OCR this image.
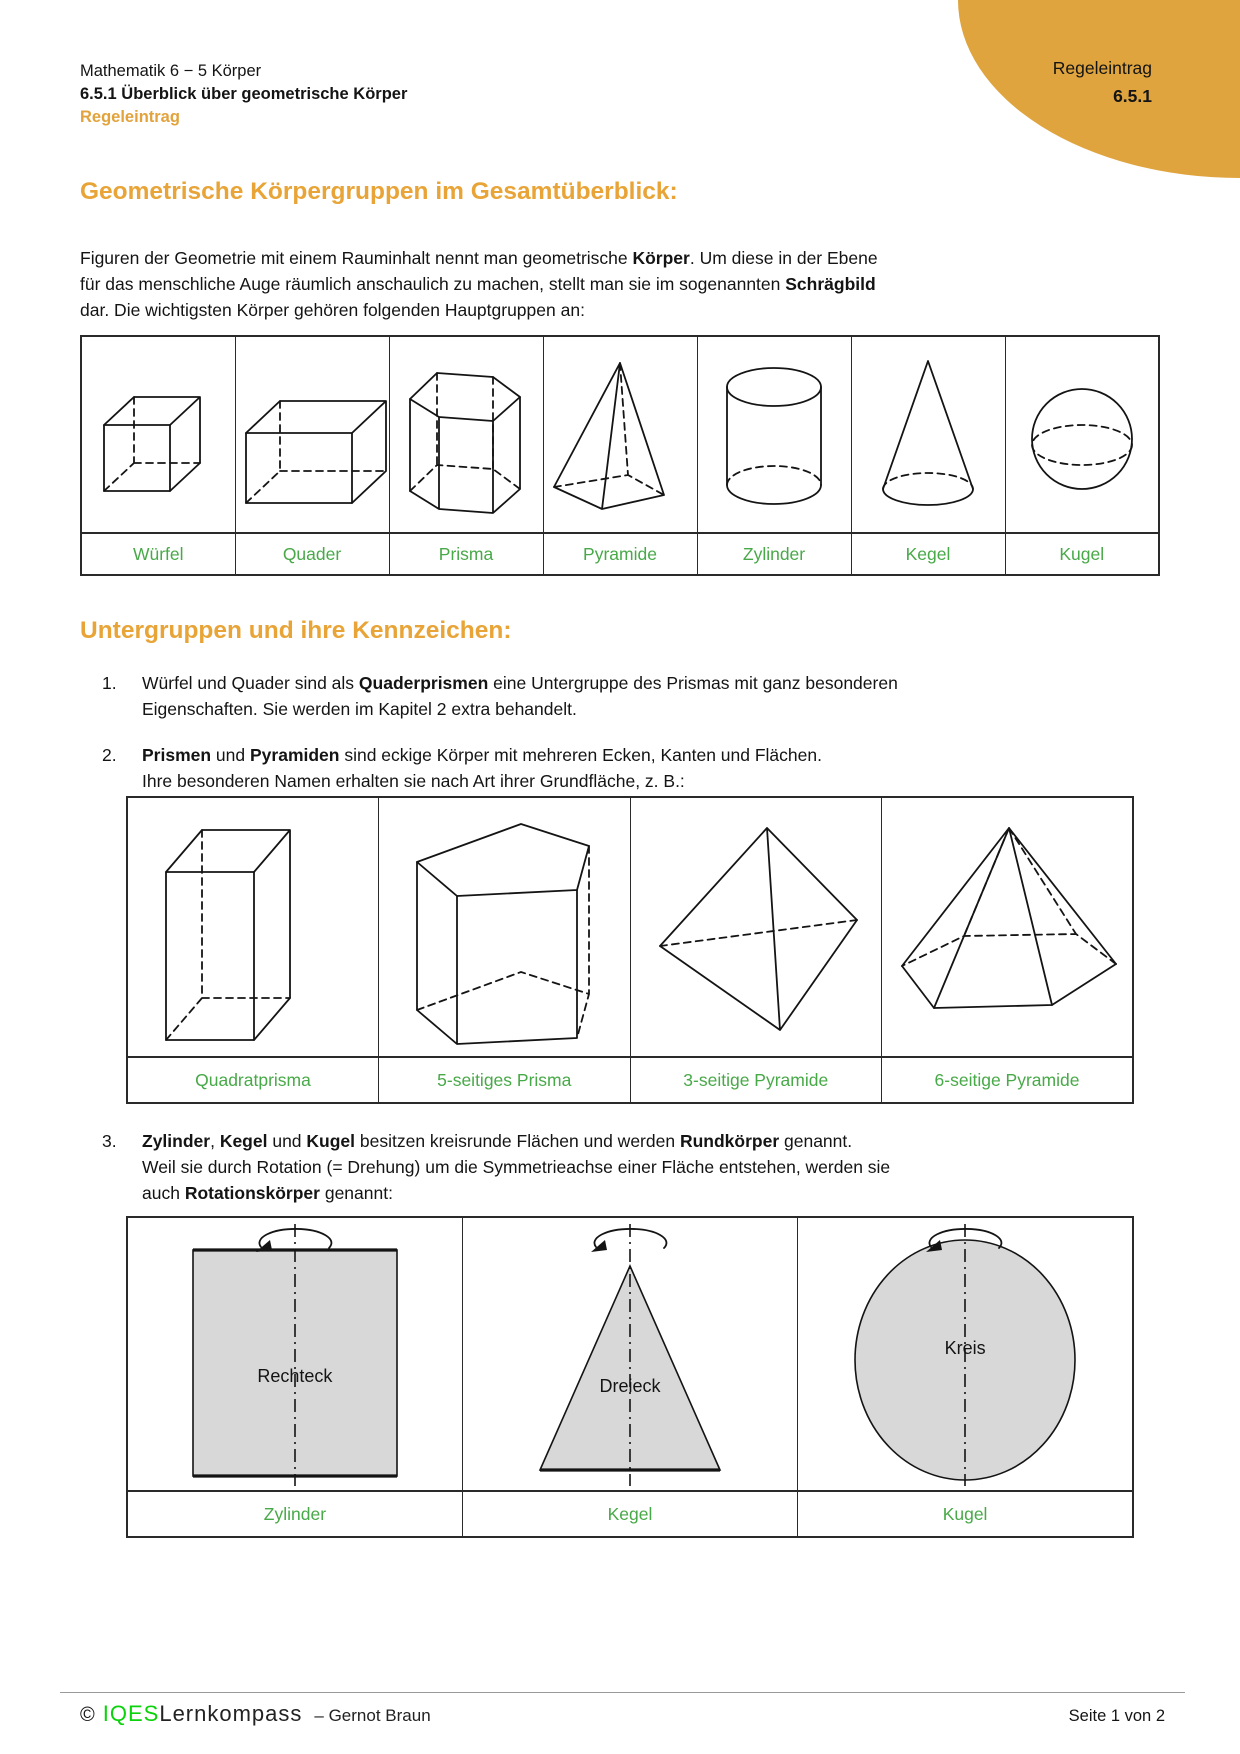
Regeleintrag
6.5.1
Mathematik 6 − 5 Körper
6.5.1 Überblick über geometrische Körper
Regeleintrag
Geometrische Körpergruppen im Gesamtüberblick:

Figuren der Geometrie mit einem Rauminhalt nennt man geometrische Körper. Um diese in der Ebene
für das menschliche Auge räumlich anschaulich zu machen, stellt man sie im sogenannten Schrägbild
dar. Die wichtigsten Körper gehören folgenden Hauptgruppen an:

Würfel	Quader	Prisma	Pyramide	Zylinder	Kegel	Kugel
Untergruppen und ihre Kennzeichen:
1.	Würfel und Quader sind als Quaderprismen eine Untergruppe des Prismas mit ganz besonderen
Eigenschaften. Sie werden im Kapitel 2 extra behandelt.
2.	Prismen und Pyramiden sind eckige Körper mit mehreren Ecken, Kanten und Flächen.
Ihre besonderen Namen erhalten sie nach Art ihrer Grundfläche, z. B.:

Quadratprisma	5-seitiges Prisma	3-seitige Pyramide	6-seitige Pyramide
3.	Zylinder, Kegel und Kugel besitzen kreisrunde Flächen und werden Rundkörper genannt.
Weil sie durch Rotation (= Drehung) um die Symmetrieachse einer Fläche entstehen, werden sie
auch Rotationskörper genannt:
Rechteck	Dreieck	Kreis

Zylinder	Kegel	Kugel
© IQES Lernkompass – Gernot Braun	Seite 1 von 2
